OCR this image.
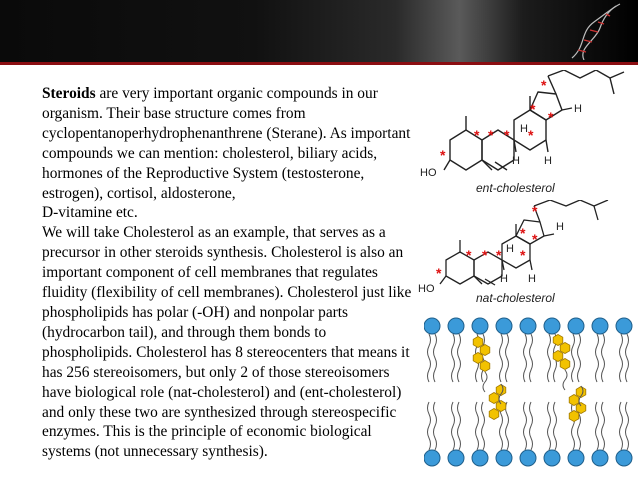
Steroids are very important organic compounds in our organism. Their base structure comes from cyclopentanoperhydrophenanthrene (Sterane). As important compounds we can mention: cholesterol, biliary acids, hormones of the Reproductive System (testosterone, estrogen), cortisol, aldosterone,
D-vitamine etc.
We will take Cholesterol as an example, that serves as a precursor in other steroids synthesis. Cholesterol is also an important component of cell membranes that regulates fluidity (flexibility of cell membranes). Cholesterol just like phospholipids has polar (-OH) and nonpolar parts (hydrocarbon tail), and through them bonds to phospholipids. Cholesterol has 8 stereocenters that means it has 256 stereoisomers, but only 2 of those stereoisomers have biological role (nat-cholesterol) and (ent-cholesterol) and only these two are synthesized through stereospecific enzymes. This is the principle of economic biological systems (not unnecessary synthesis).
HO
H
H
H
H
*
* *
* * * *
*
ent-cholesterol
HO
H
H
H
H
*
* *
* * * *
*
nat-cholesterol
